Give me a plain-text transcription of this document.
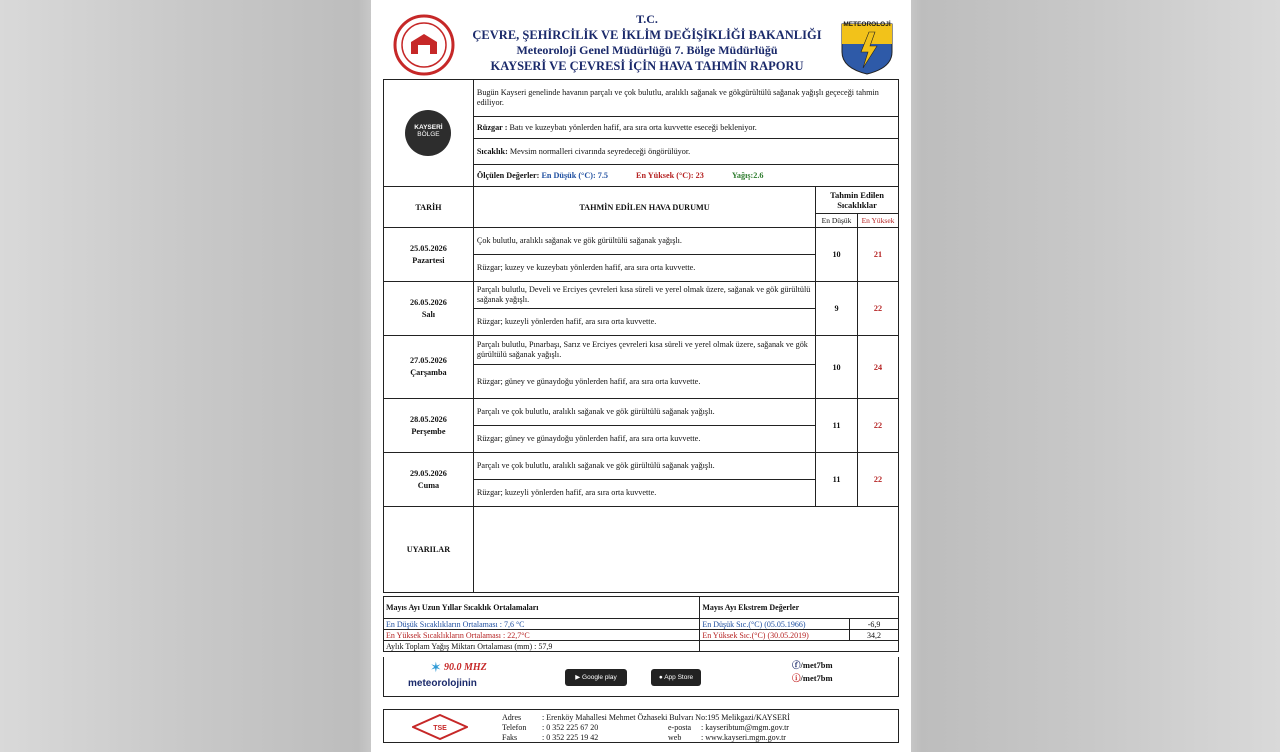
T.C.
ÇEVRE, ŞEHİRCİLİK VE İKLİM DEĞİŞİKLİĞİ BAKANLIĞI
Meteoroloji Genel Müdürlüğü 7. Bölge Müdürlüğü
KAYSERİ VE ÇEVRESİ İÇİN HAVA TAHMİN RAPORU
METEOROLOJİ
KAYSERİ
BÖLGE	Bugün Kayseri genelinde havanın parçalı ve çok bulutlu, aralıklı sağanak ve gökgürültülü sağanak yağışlı geçeceği tahmin ediliyor.		
	Rüzgar : Batı ve kuzeybatı yönlerden hafif, ara sıra orta kuvvette eseceği bekleniyor.		
	Sıcaklık: Mevsim normalleri civarında seyredeceği öngörülüyor.		
	Ölçülen Değerler: En Düşük (°C): 7.5 En Yüksek (°C): 23 Yağış:2.6		
TARİH	TAHMİN EDİLEN HAVA DURUMU	Tahmin Edilen Sıcaklıklar	
		En Düşük	En Yüksek

25.05.2026
Pazartesi	Çok bulutlu, aralıklı sağanak ve gök gürültülü sağanak yağışlı.	10	21
	Rüzgar; kuzey ve kuzeybatı yönlerden hafif, ara sıra orta kuvvette.		

26.05.2026
Salı	Parçalı bulutlu, Develi ve Erciyes çevreleri kısa süreli ve yerel olmak üzere, sağanak ve gök gürültülü sağanak yağışlı.	9	22
	Rüzgar; kuzeyli yönlerden hafif, ara sıra orta kuvvette.		

27.05.2026
Çarşamba	Parçalı bulutlu, Pınarbaşı, Sarız ve Erciyes çevreleri kısa süreli ve yerel olmak üzere, sağanak ve gök gürültülü sağanak yağışlı.	10	24
	Rüzgar; güney ve günaydoğu yönlerden hafif, ara sıra orta kuvvette.		

28.05.2026
Perşembe	Parçalı ve çok bulutlu, aralıklı sağanak ve gök gürültülü sağanak yağışlı.	11	22
	Rüzgar; güney ve günaydoğu yönlerden hafif, ara sıra orta kuvvette.		

29.05.2026
Cuma	Parçalı ve çok bulutlu, aralıklı sağanak ve gök gürültülü sağanak yağışlı.	11	22
	Rüzgar; kuzeyli yönlerden hafif, ara sıra orta kuvvette.		
UYARILAR			
Mayıs Ayı Uzun Yıllar Sıcaklık Ortalamaları	Mayıs Ayı Ekstrem Değerler	
En Düşük Sıcaklıkların Ortalaması : 7,6 °C	En Düşük Sıc.(°C) (05.05.1966)	-6,9
En Yüksek Sıcaklıkların Ortalaması : 22,7°C	En Yüksek Sıc.(°C) (30.05.2019)	34,2
Aylık Toplam Yağış Miktarı Ortalaması (mm) : 57,9		
✶ 90.0 MHZ
meteorolojinin
▶ Google play	● App Store
ⓕ/met7bm
ⓘ/met7bm
TSE
Adres	: Erenköy Mahallesi Mehmet Özhaseki Bulvarı No:195 Melikgazi/KAYSERİ
Telefon : 0 352 225 67 20
Faks	: 0 352 225 19 42
e-posta : kayseribtum@mgm.gov.tr
web : www.kayseri.mgm.gov.tr
